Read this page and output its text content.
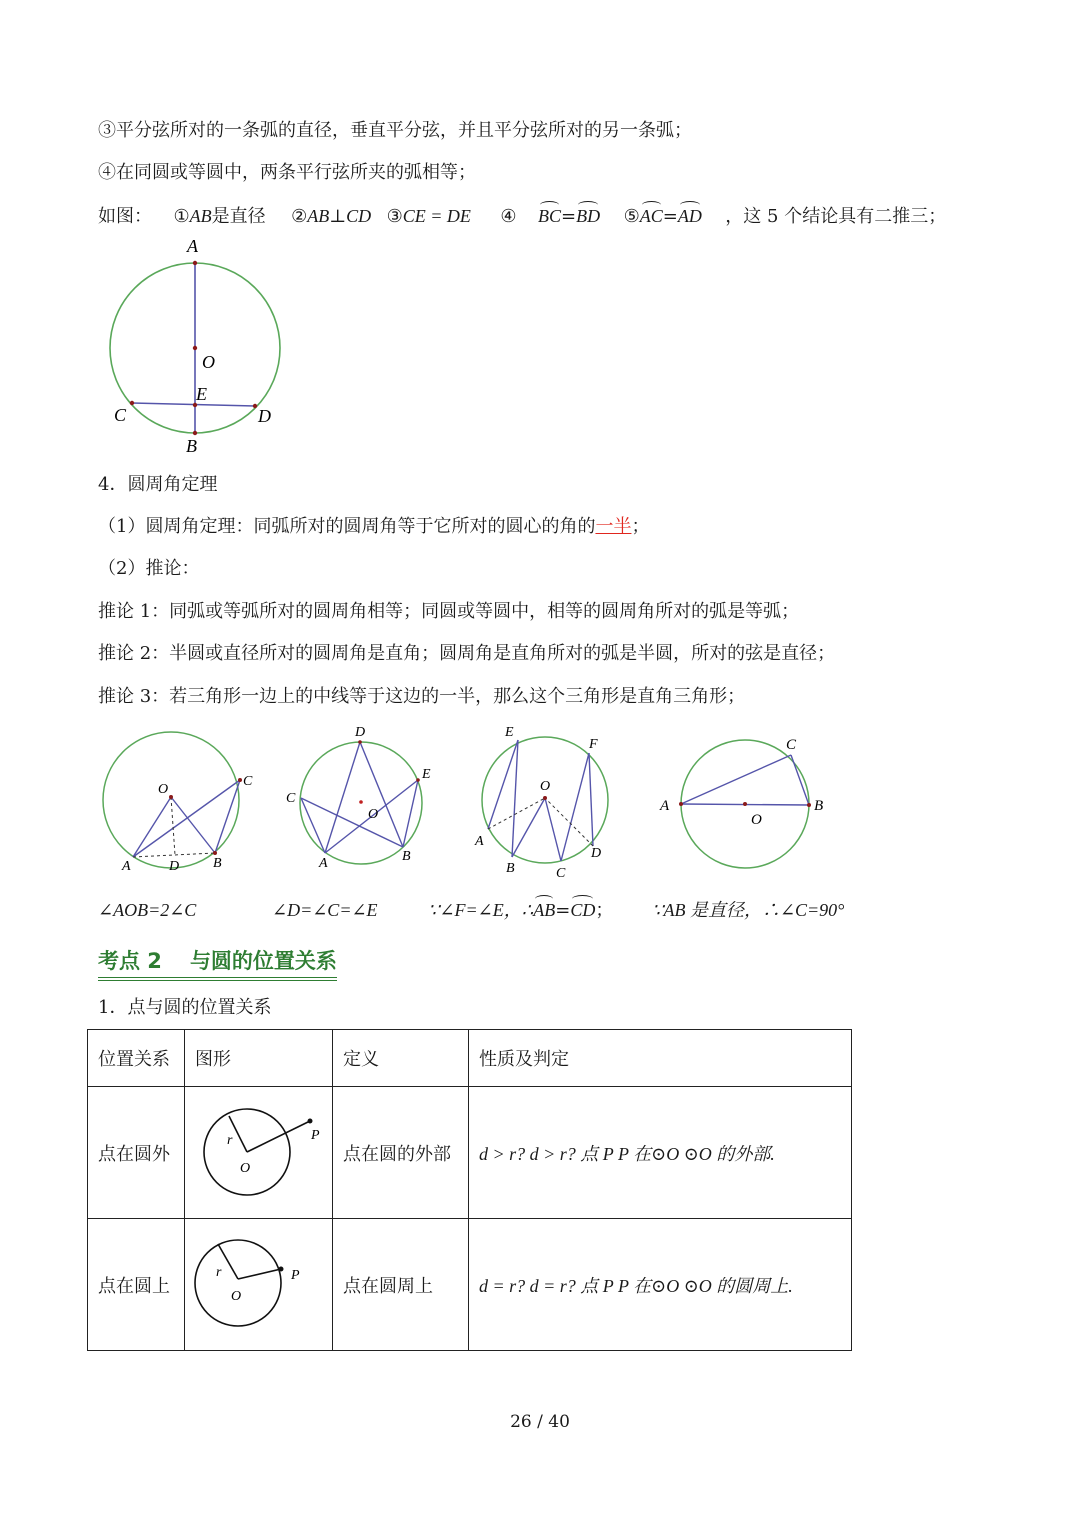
③平分弦所对的一条弧的直径，垂直平分弦，并且平分弦所对的另一条弧；
④在同圆或等圆中，两条平行弦所夹的弧相等；
如图： ①AB是直径 ②AB⊥CD ③CE = DE ④ BC=BD ⑤AC=AD ，这 5 个结论具有二推三；
A
O
E
C	D
B
4．圆周角定理
（1）圆周角定理：同弧所对的圆周角等于它所对的圆心的角的一半；
（2）推论：
推论 1：同弧或等弧所对的圆周角相等；同圆或等圆中，相等的圆周角所对的弧是等弧；
推论 2：半圆或直径所对的圆周角是直角；圆周角是直角所对的弧是半圆，所对的弦是直径；
推论 3：若三角形一边上的中线等于这边的一半，那么这个三角形是直角三角形；
O
C
A	D B
D
E
C
O
A	B
E
F
O
A
B	C
D
C
A	B
O
∠AOB=2∠C	∠D=∠C=∠E	∵∠F=∠E，∴AB=CD； ∵AB 是直径，∴∠C=90°
考点 2 与圆的位置关系
1．点与圆的位置关系
位置关系	图形	定义	性质及判定
点在圆外	r
O
P	点在圆的外部	d > r? d > r? 点 P P 在⊙O ⊙O 的外部.
点在圆上	r
O
P	点在圆周上	d = r? d = r? 点 P P 在⊙O ⊙O 的圆周上.
26 / 40
